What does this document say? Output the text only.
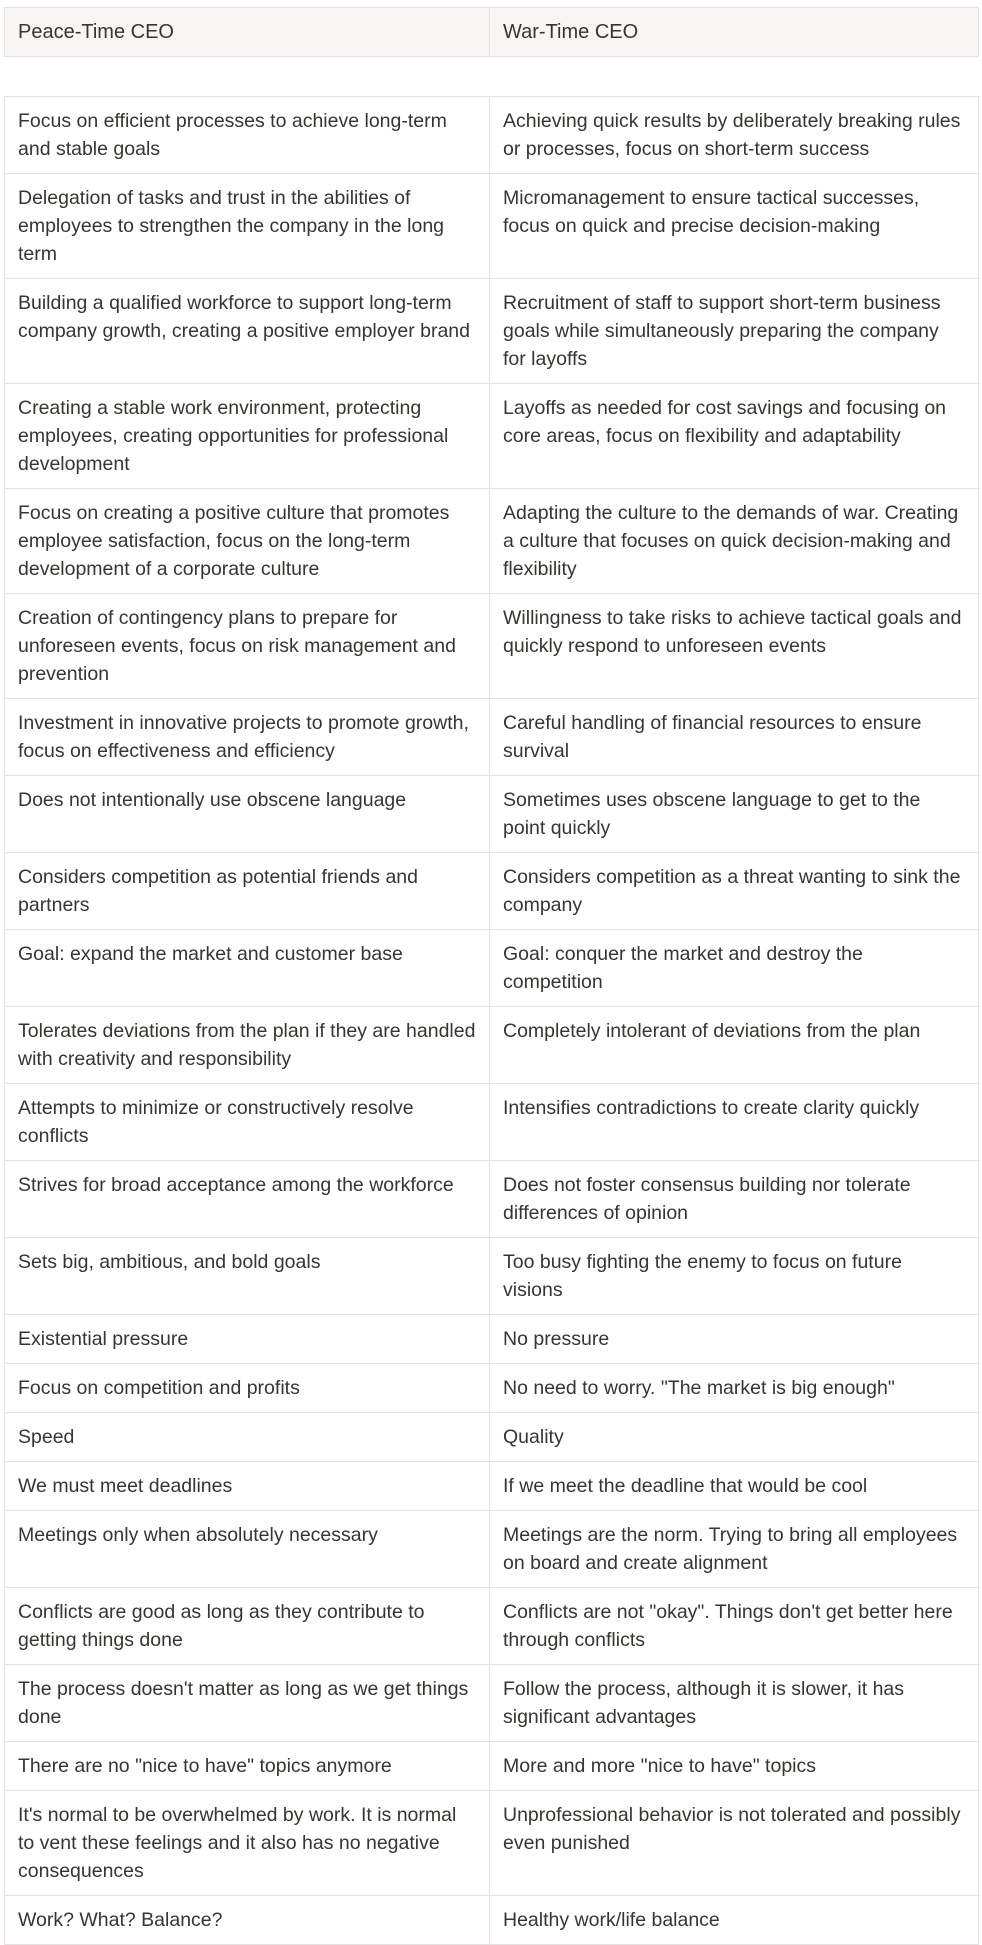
Peace-Time CEO	War-Time CEO
Focus on efficient processes to achieve long-term and stable goals	Achieving quick results by deliberately breaking rules or processes, focus on short-term success
Delegation of tasks and trust in the abilities of employees to strengthen the company in the long term	Micromanagement to ensure tactical successes, focus on quick and precise decision-making
Building a qualified workforce to support long-term company growth, creating a positive employer brand	Recruitment of staff to support short-term business goals while simultaneously preparing the company for layoffs
Creating a stable work environment, protecting employees, creating opportunities for professional development	Layoffs as needed for cost savings and focusing on core areas, focus on flexibility and adaptability
Focus on creating a positive culture that promotes employee satisfaction, focus on the long-term development of a corporate culture	Adapting the culture to the demands of war. Creating a culture that focuses on quick decision-making and flexibility
Creation of contingency plans to prepare for unforeseen events, focus on risk management and prevention	Willingness to take risks to achieve tactical goals and quickly respond to unforeseen events
Investment in innovative projects to promote growth, focus on effectiveness and efficiency	Careful handling of financial resources to ensure survival
Does not intentionally use obscene language	Sometimes uses obscene language to get to the point quickly
Considers competition as potential friends and partners	Considers competition as a threat wanting to sink the company
Goal: expand the market and customer base	Goal: conquer the market and destroy the competition
Tolerates deviations from the plan if they are handled with creativity and responsibility	Completely intolerant of deviations from the plan
Attempts to minimize or constructively resolve conflicts	Intensifies contradictions to create clarity quickly
Strives for broad acceptance among the workforce	Does not foster consensus building nor tolerate differences of opinion
Sets big, ambitious, and bold goals	Too busy fighting the enemy to focus on future visions
Existential pressure	No pressure
Focus on competition and profits	No need to worry. "The market is big enough"
Speed	Quality
We must meet deadlines	If we meet the deadline that would be cool
Meetings only when absolutely necessary	Meetings are the norm. Trying to bring all employees on board and create alignment
Conflicts are good as long as they contribute to getting things done	Conflicts are not "okay". Things don't get better here through conflicts
The process doesn't matter as long as we get things done	Follow the process, although it is slower, it has significant advantages
There are no "nice to have" topics anymore	More and more "nice to have" topics
It's normal to be overwhelmed by work. It is normal to vent these feelings and it also has no negative consequences	Unprofessional behavior is not tolerated and possibly even punished
Work? What? Balance?	Healthy work/life balance
